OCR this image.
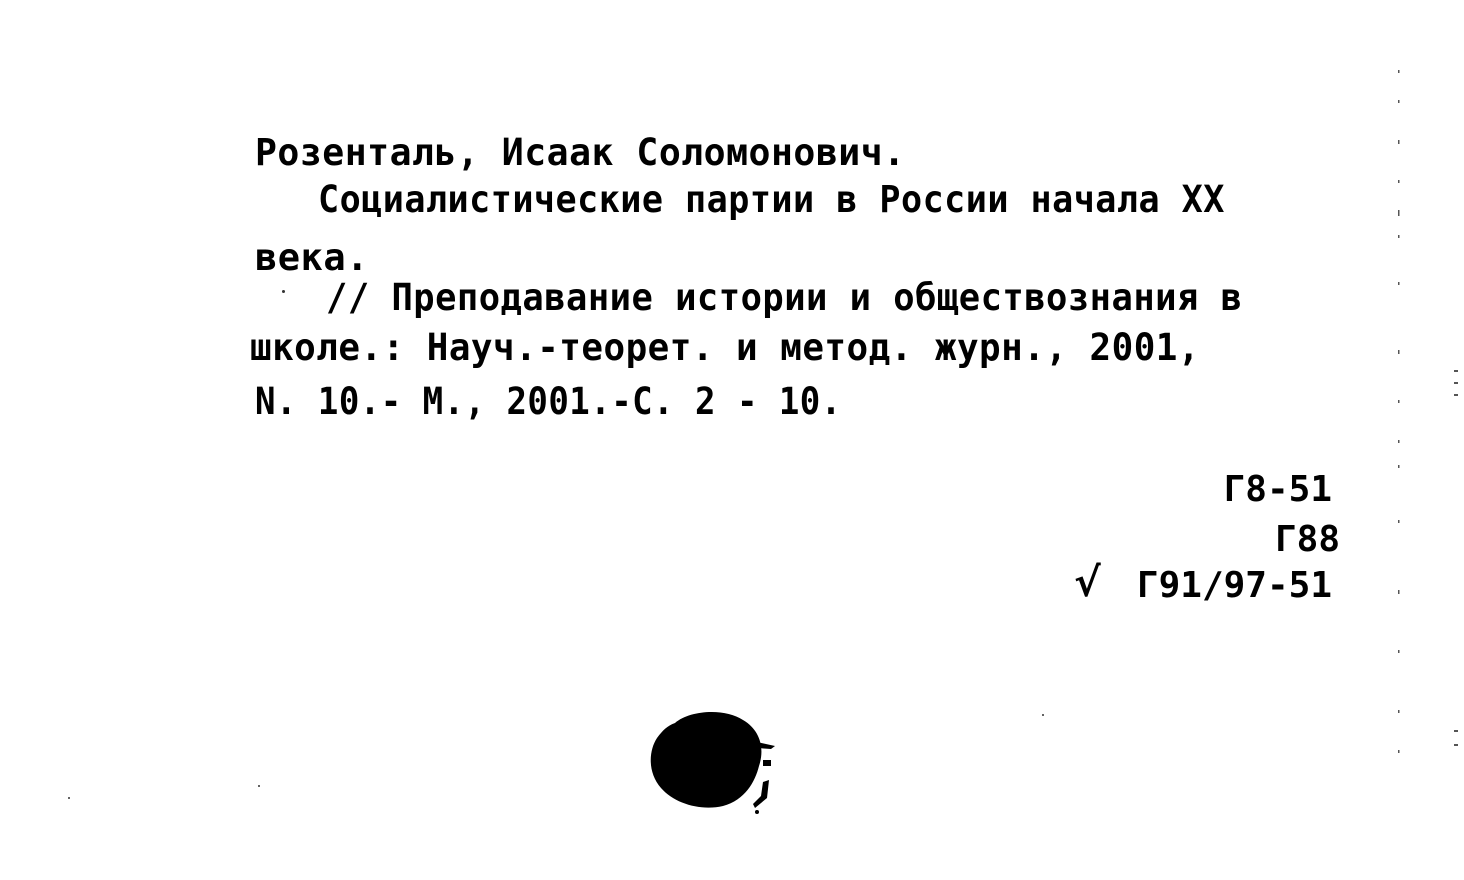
Розенталь, Исаак Соломонович.
Социалистические партии в России начала XX
века.
// Преподавание истории и обществознания в
школе.: Науч.-теорет. и метод. журн., 2001,
N. 10.- М., 2001.-С. 2 - 10.
Г8-51
Г88
√ Г91/97-51
